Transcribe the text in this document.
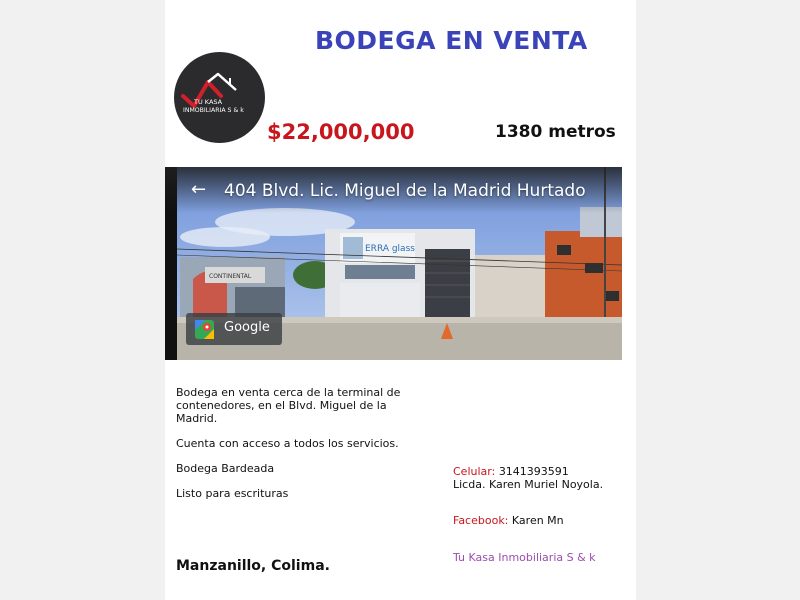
BODEGA EN VENTA
TU KASA
INMOBILIARIA S & k
$22,000,000	1380 metros
CONTINENTAL
ERRA glass
← 404 Blvd. Lic. Miguel de la Madrid Hurtado
Google

Bodega en venta cerca de la terminal de contenedores, en el Blvd. Miguel de la Madrid.

Cuenta con acceso a todos los servicios.

Bodega Bardeada

Listo para escrituras

Manzanillo, Colima.
Celular: 3141393591
Licda. Karen Muriel Noyola.
Facebook: Karen Mn
Tu Kasa Inmobiliaria S & k
